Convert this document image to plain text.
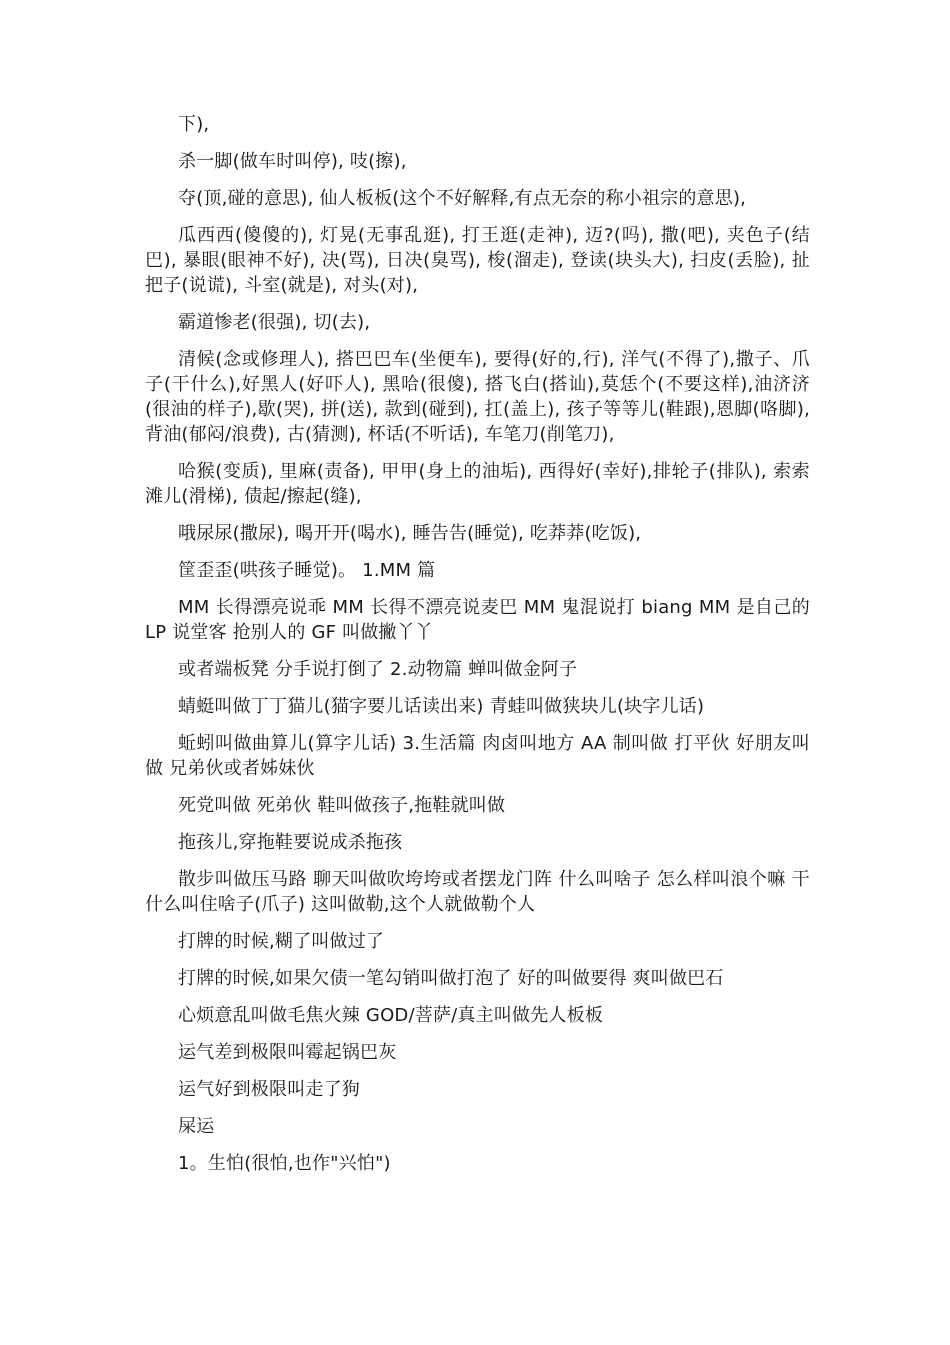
下),

杀一脚(做车时叫停), 吱(擦),

夺(顶,碰的意思), 仙人板板(这个不好解释,有点无奈的称小祖宗的意思),

瓜西西(傻傻的), 灯晃(无事乱逛), 打王逛(走神), 迈?(吗), 撒(吧), 夹色子(结巴), 暴眼(眼神不好), 决(骂), 日决(臭骂), 梭(溜走), 登读(块头大), 扫皮(丢脸), 扯把子(说谎), 斗室(就是), 对头(对),

霸道惨老(很强), 切(去),

清候(念或修理人), 搭巴巴车(坐便车), 要得(好的,行), 洋气(不得了),撒子、爪子(干什么),好黑人(好吓人), 黑哈(很傻), 搭飞白(搭讪),莫恁个(不要这样),油济济(很油的样子),歇(哭), 拼(送), 款到(碰到), 扛(盖上), 孩子等等儿(鞋跟),恩脚(咯脚), 背油(郁闷/浪费), 古(猜测), 杯话(不听话), 车笔刀(削笔刀),

哈猴(变质), 里麻(责备), 甲甲(身上的油垢), 西得好(幸好),排轮子(排队), 索索滩儿(滑梯), 债起/擦起(缝),

哦尿尿(撒尿), 喝开开(喝水), 睡告告(睡觉), 吃莽莽(吃饭),

筐歪歪(哄孩子睡觉)。 1.MM 篇

MM 长得漂亮说乖 MM 长得不漂亮说麦巴 MM 鬼混说打 biang MM 是自己的 LP 说堂客 抢别人的 GF 叫做撇丫丫

或者端板凳 分手说打倒了 2.动物篇 蝉叫做金阿子

蜻蜓叫做丁丁猫儿(猫字要儿话读出来) 青蛙叫做狭块儿(块字儿话)

蚯蚓叫做曲算儿(算字儿话) 3.生活篇 肉卤叫地方 AA 制叫做 打平伙 好朋友叫做 兄弟伙或者姊妹伙

死党叫做 死弟伙 鞋叫做孩子,拖鞋就叫做

拖孩儿,穿拖鞋要说成杀拖孩

散步叫做压马路 聊天叫做吹垮垮或者摆龙门阵 什么叫啥子 怎么样叫浪个嘛 干什么叫住啥子(爪子) 这叫做勒,这个人就做勒个人

打牌的时候,糊了叫做过了

打牌的时候,如果欠债一笔勾销叫做打泡了 好的叫做要得 爽叫做巴石

心烦意乱叫做毛焦火辣 GOD/菩萨/真主叫做先人板板

运气差到极限叫霉起锅巴灰

运气好到极限叫走了狗

屎运

1。生怕(很怕,也作"兴怕")
